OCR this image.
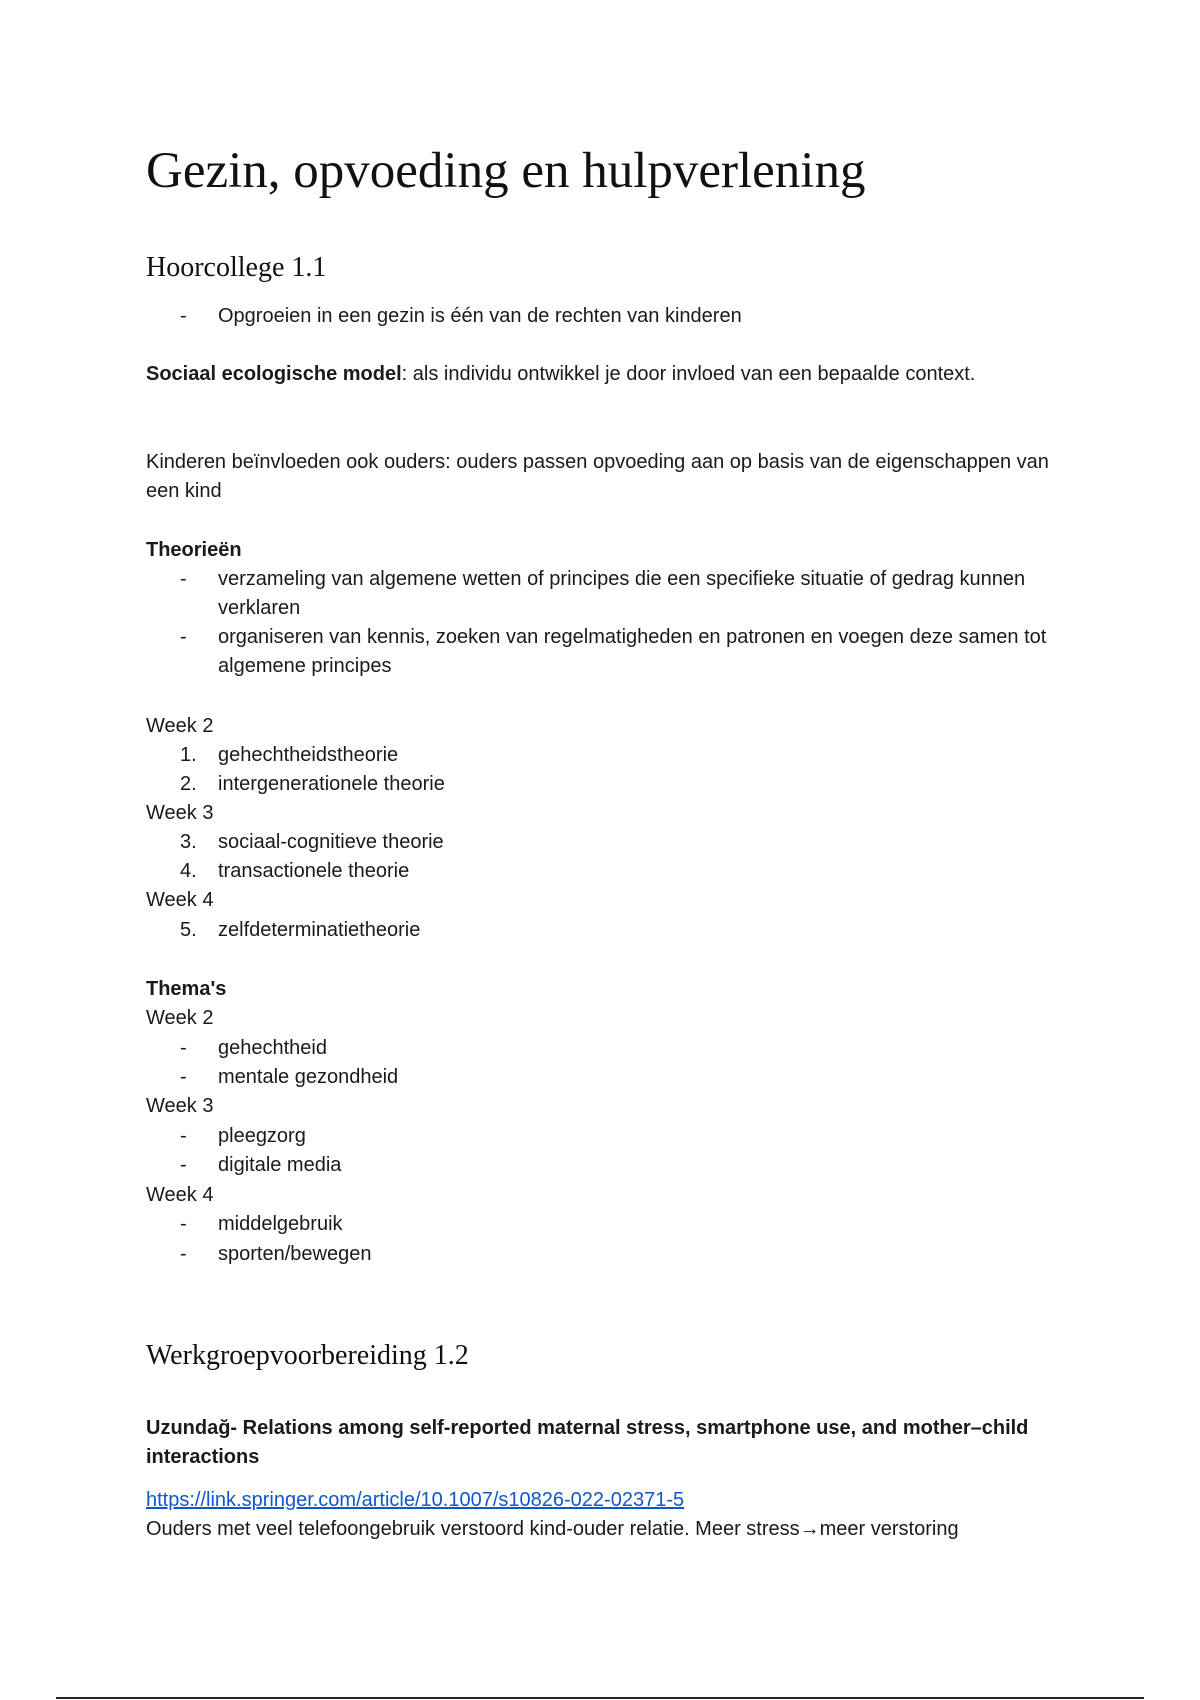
Gezin, opvoeding en hulpverlening
Hoorcollege 1.1
-	Opgroeien in een gezin is één van de rechten van kinderen

Sociaal ecologische model: als individu ontwikkel je door invloed van een bepaalde context.

Kinderen beïnvloeden ook ouders: ouders passen opvoeding aan op basis van de eigenschappen van een kind

Theorieën

-	verzameling van algemene wetten of principes die een specifieke situatie of gedrag kunnen verklaren
-	organiseren van kennis, zoeken van regelmatigheden en patronen en voegen deze samen tot algemene principes

Week 2

1.	gehechtheidstheorie
2.	intergenerationele theorie

Week 3

3.	sociaal-cognitieve theorie
4.	transactionele theorie

Week 4

5.	zelfdeterminatietheorie

Thema's

Week 2

-	gehechtheid
-	mentale gezondheid

Week 3

-	pleegzorg
-	digitale media

Week 4

-	middelgebruik
-	sporten/bewegen
Werkgroepvoorbereiding 1.2

Uzundağ- Relations among self-reported maternal stress, smartphone use, and mother–child interactions

https://link.springer.com/article/10.1007/s10826-022-02371-5

Ouders met veel telefoongebruik verstoord kind-ouder relatie. Meer stress→meer verstoring
